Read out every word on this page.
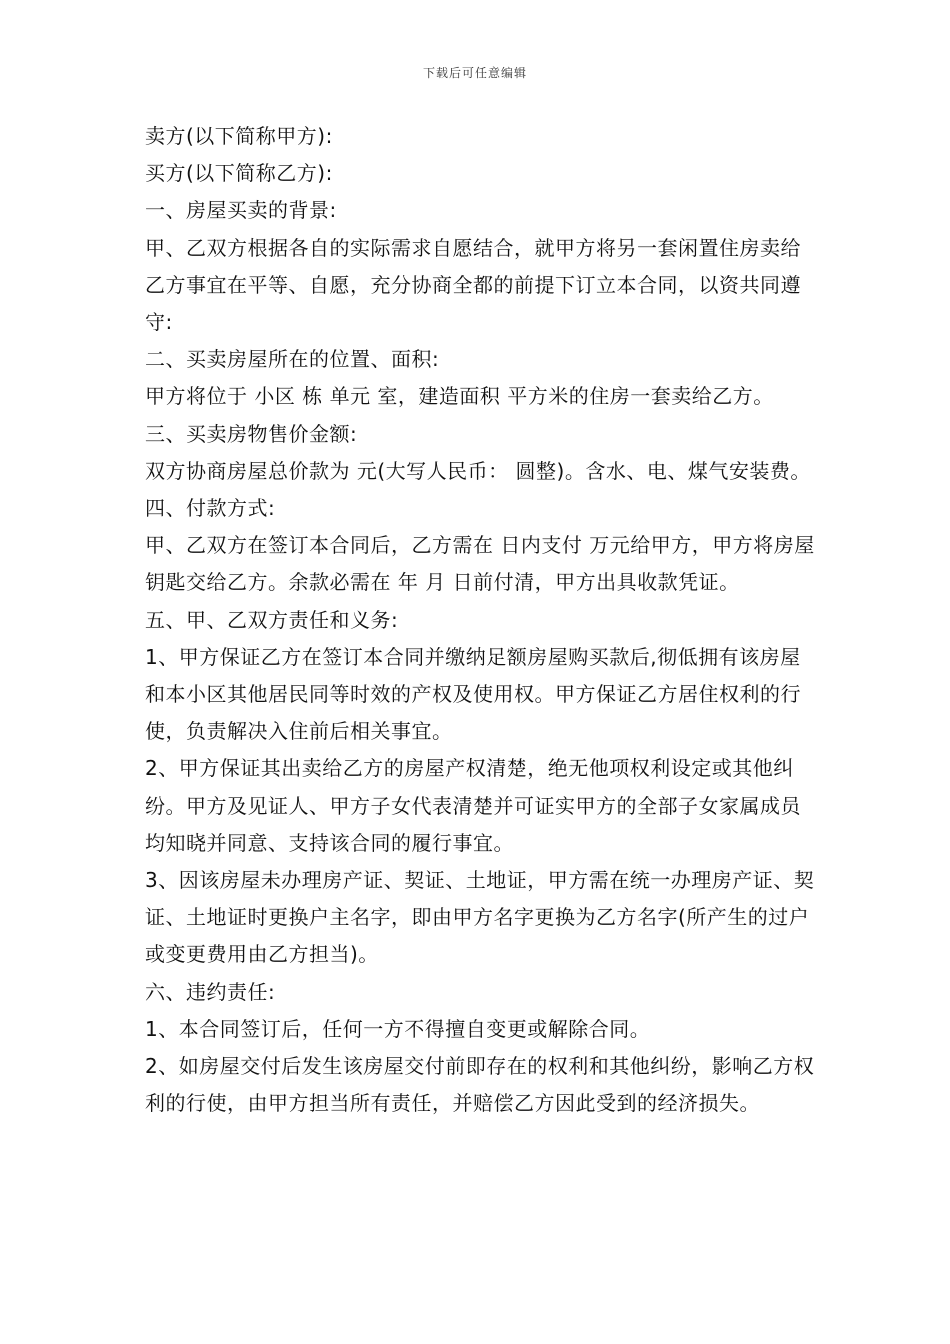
下载后可任意编辑

卖方(以下简称甲方):

买方(以下简称乙方):

一、房屋买卖的背景:

甲、乙双方根据各自的实际需求自愿结合，就甲方将另一套闲置住房卖给乙方事宜在平等、自愿，充分协商全都的前提下订立本合同，以资共同遵守:

二、买卖房屋所在的位置、面积:

甲方将位于 小区 栋 单元 室，建造面积 平方米的住房一套卖给乙方。

三、买卖房物售价金额:

双方协商房屋总价款为 元(大写人民币： 圆整)。含水、电、煤气安装费。

四、付款方式:

甲、乙双方在签订本合同后，乙方需在 日内支付 万元给甲方，甲方将房屋钥匙交给乙方。余款必需在 年 月 日前付清，甲方出具收款凭证。

五、甲、乙双方责任和义务:

1、甲方保证乙方在签订本合同并缴纳足额房屋购买款后,彻低拥有该房屋和本小区其他居民同等时效的产权及使用权。甲方保证乙方居住权利的行使，负责解决入住前后相关事宜。

2、甲方保证其出卖给乙方的房屋产权清楚，绝无他项权利设定或其他纠纷。甲方及见证人、甲方子女代表清楚并可证实甲方的全部子女家属成员均知晓并同意、支持该合同的履行事宜。

3、因该房屋未办理房产证、契证、土地证，甲方需在统一办理房产证、契证、土地证时更换户主名字，即由甲方名字更换为乙方名字(所产生的过户或变更费用由乙方担当)。

六、违约责任:

1、本合同签订后，任何一方不得擅自变更或解除合同。

2、如房屋交付后发生该房屋交付前即存在的权利和其他纠纷，影响乙方权利的行使，由甲方担当所有责任，并赔偿乙方因此受到的经济损失。
